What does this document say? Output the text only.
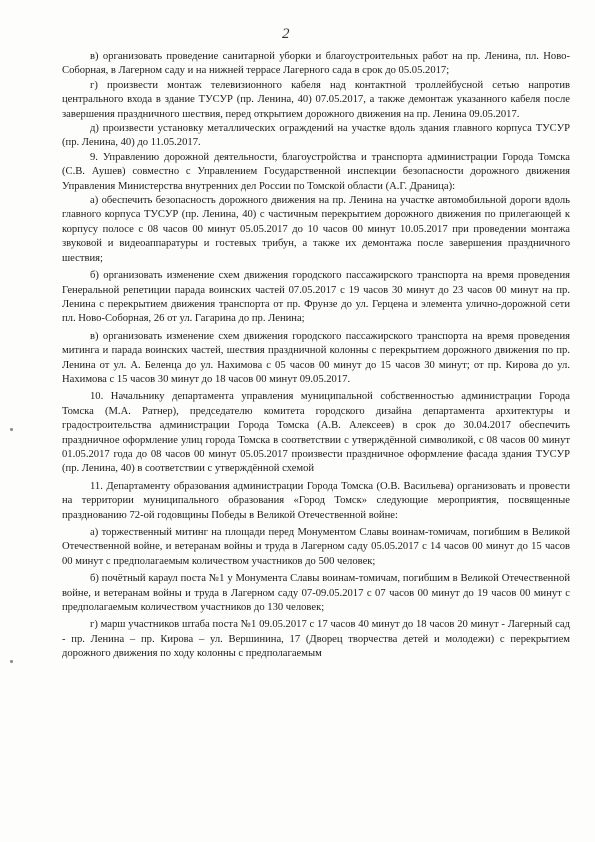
2

в) организовать проведение санитарной уборки и благоустроительных работ на пр. Ленина, пл. Ново-Соборная, в Лагерном саду и на нижней террасе Лагерного сада в срок до 05.05.2017;

г) произвести монтаж телевизионного кабеля над контактной троллейбусной сетью напротив центрального входа в здание ТУСУР (пр. Ленина, 40) 07.05.2017, а также демонтаж указанного кабеля после завершения праздничного шествия, перед открытием дорожного движения на пр. Ленина 09.05.2017.

д) произвести установку металлических ограждений на участке вдоль здания главного корпуса ТУСУР (пр. Ленина, 40) до 11.05.2017.

9. Управлению дорожной деятельности, благоустройства и транспорта администрации Города Томска (С.В. Аушев) совместно с Управлением Государственной инспекции безопасности дорожного движения Управления Министерства внутренних дел России по Томской области (А.Г. Драница):

а) обеспечить безопасность дорожного движения на пр. Ленина на участке автомобильной дороги вдоль главного корпуса ТУСУР (пр. Ленина, 40) с частичным перекрытием дорожного движения по прилегающей к корпусу полосе с 08 часов 00 минут 05.05.2017 до 10 часов 00 минут 10.05.2017 при проведении монтажа звуковой и видеоаппаратуры и гостевых трибун, а также их демонтажа после завершения праздничного шествия;

б) организовать изменение схем движения городского пассажирского транспорта на время проведения Генеральной репетиции парада воинских частей 07.05.2017 с 19 часов 30 минут до 23 часов 00 минут на пр. Ленина с перекрытием движения транспорта от пр. Фрунзе до ул. Герцена и элемента улично-дорожной сети пл. Ново-Соборная, 26 от ул. Гагарина до пр. Ленина;

в) организовать изменение схем движения городского пассажирского транспорта на время проведения митинга и парада воинских частей, шествия праздничной колонны с перекрытием дорожного движения по пр. Ленина от ул. А. Беленца до ул. Нахимова с 05 часов 00 минут до 15 часов 30 минут; от пр. Кирова до ул. Нахимова с 15 часов 30 минут до 18 часов 00 минут 09.05.2017.

10. Начальнику департамента управления муниципальной собственностью администрации Города Томска (М.А. Ратнер), председателю комитета городского дизайна департамента архитектуры и градостроительства администрации Города Томска (А.В. Алексеев) в срок до 30.04.2017 обеспечить праздничное оформление улиц города Томска в соответствии с утверждённой символикой, с 08 часов 00 минут 01.05.2017 года до 08 часов 00 минут 05.05.2017 произвести праздничное оформление фасада здания ТУСУР (пр. Ленина, 40) в соответствии с утверждённой схемой

11. Департаменту образования администрации Города Томска (О.В. Васильева) организовать и провести на территории муниципального образования «Город Томск» следующие мероприятия, посвященные празднованию 72-ой годовщины Победы в Великой Отечественной войне:

а) торжественный митинг на площади перед Монументом Славы воинам-томичам, погибшим в Великой Отечественной войне, и ветеранам войны и труда в Лагерном саду 05.05.2017 с 14 часов 00 минут до 15 часов 00 минут с предполагаемым количеством участников до 500 человек;

б) почётный караул поста №1 у Монумента Славы воинам-томичам, погибшим в Великой Отечественной войне, и ветеранам войны и труда в Лагерном саду 07-09.05.2017 с 07 часов 00 минут до 19 часов 00 минут с предполагаемым количеством участников до 130 человек;

г) марш участников штаба поста №1 09.05.2017 с 17 часов 40 минут до 18 часов 20 минут - Лагерный сад - пр. Ленина – пр. Кирова – ул. Вершинина, 17 (Дворец творчества детей и молодежи) с перекрытием дорожного движения по ходу колонны с предполагаемым
